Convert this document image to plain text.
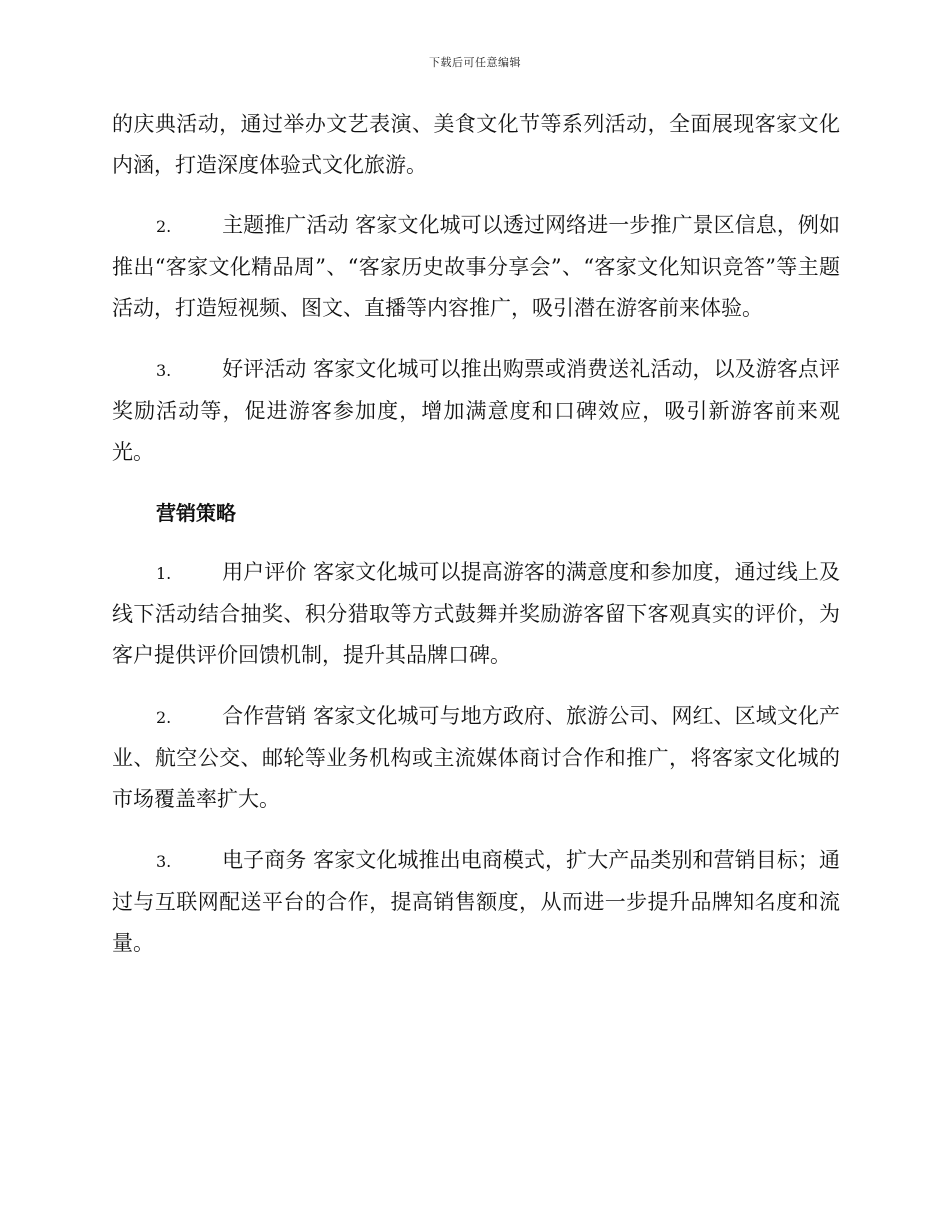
下载后可任意编辑

的庆典活动，通过举办文艺表演、美食文化节等系列活动，全面展现客家文化内涵，打造深度体验式文化旅游。

2. 主题推广活动 客家文化城可以透过网络进一步推广景区信息，例如推出“客家文化精品周”、“客家历史故事分享会”、“客家文化知识竞答”等主题活动，打造短视频、图文、直播等内容推广，吸引潜在游客前来体验。

3. 好评活动 客家文化城可以推出购票或消费送礼活动，以及游客点评奖励活动等，促进游客参加度，增加满意度和口碑效应，吸引新游客前来观光。

营销策略

1. 用户评价 客家文化城可以提高游客的满意度和参加度，通过线上及线下活动结合抽奖、积分猎取等方式鼓舞并奖励游客留下客观真实的评价，为客户提供评价回馈机制，提升其品牌口碑。

2. 合作营销 客家文化城可与地方政府、旅游公司、网红、区域文化产业、航空公交、邮轮等业务机构或主流媒体商讨合作和推广，将客家文化城的市场覆盖率扩大。

3. 电子商务 客家文化城推出电商模式，扩大产品类别和营销目标；通过与互联网配送平台的合作，提高销售额度，从而进一步提升品牌知名度和流量。
